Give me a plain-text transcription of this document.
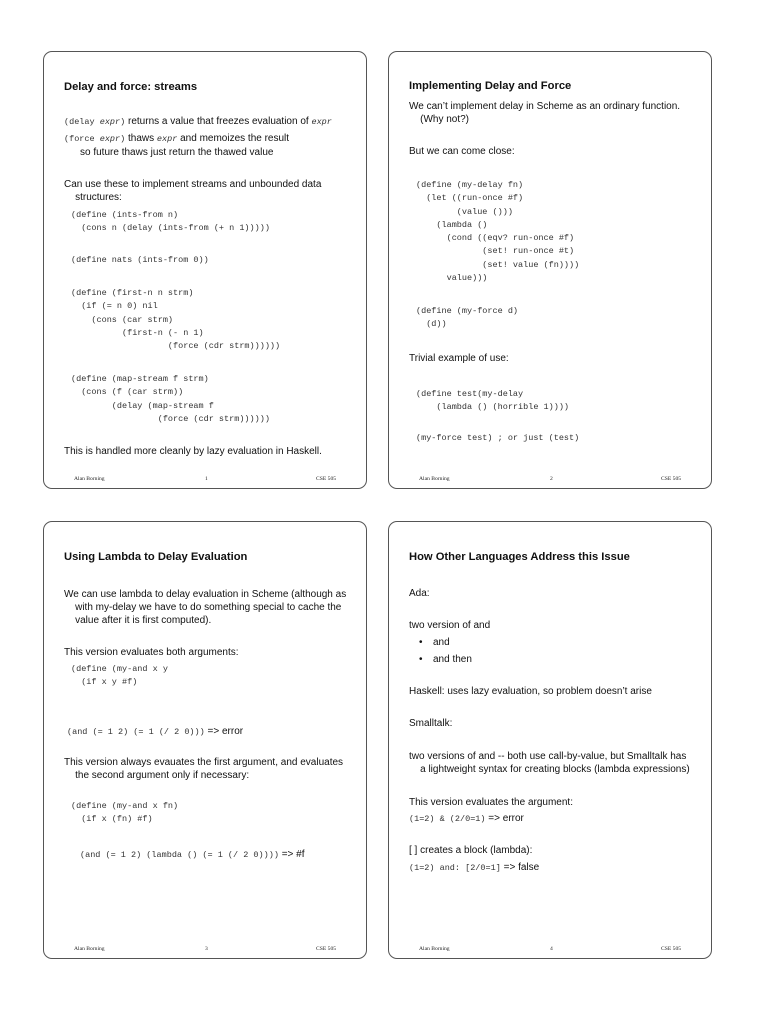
Delay and force: streams
(delay expr) returns a value that freezes evaluation of expr
(force expr) thaws expr and memoizes the result
so future thaws just return the thawed value
Can use these to implement streams and unbounded data
structures:
(define (ints-from n)
(cons n (delay (ints-from (+ n 1)))))
(define nats (ints-from 0))
(define (first-n n strm)
(if (= n 0) nil
(cons (car strm)
(first-n (- n 1)
(force (cdr strm))))))
(define (map-stream f strm)
(cons (f (car strm))
(delay (map-stream f
(force (cdr strm))))))
This is handled more cleanly by lazy evaluation in Haskell.
Alan Borning	1	CSE 505
Implementing Delay and Force
We can’t implement delay in Scheme as an ordinary function.
(Why not?)
But we can come close:
(define (my-delay fn)
(let ((run-once #f)
(value ()))
(lambda ()
(cond ((eqv? run-once #f)
(set! run-once #t)
(set! value (fn))))
value)))
(define (my-force d)
(d))
Trivial example of use:
(define test(my-delay
(lambda () (horrible 1))))
(my-force test) ; or just (test)
Alan Borning	2	CSE 505
Using Lambda to Delay Evaluation
We can use lambda to delay evaluation in Scheme (although as
with my-delay we have to do something special to cache the
value after it is first computed).
This version evaluates both arguments:
(define (my-and x y
(if x y #f)
(and (= 1 2) (= 1 (/ 2 0))) => error
This version always evauates the first argument, and evaluates
the second argument only if necessary:
(define (my-and x fn)
(if x (fn) #f)
(and (= 1 2) (lambda () (= 1 (/ 2 0)))) => #f
Alan Borning	3	CSE 505
How Other Languages Address this Issue
Ada:
two version of and
• and
• and then
Haskell: uses lazy evaluation, so problem doesn’t arise
Smalltalk:
two versions of and -- both use call-by-value, but Smalltalk has
a lightweight syntax for creating blocks (lambda expressions)
This version evaluates the argument:
(1=2) & (2/0=1) => error
[ ] creates a block (lambda):
(1=2) and: [2/0=1] => false
Alan Borning	4	CSE 505
